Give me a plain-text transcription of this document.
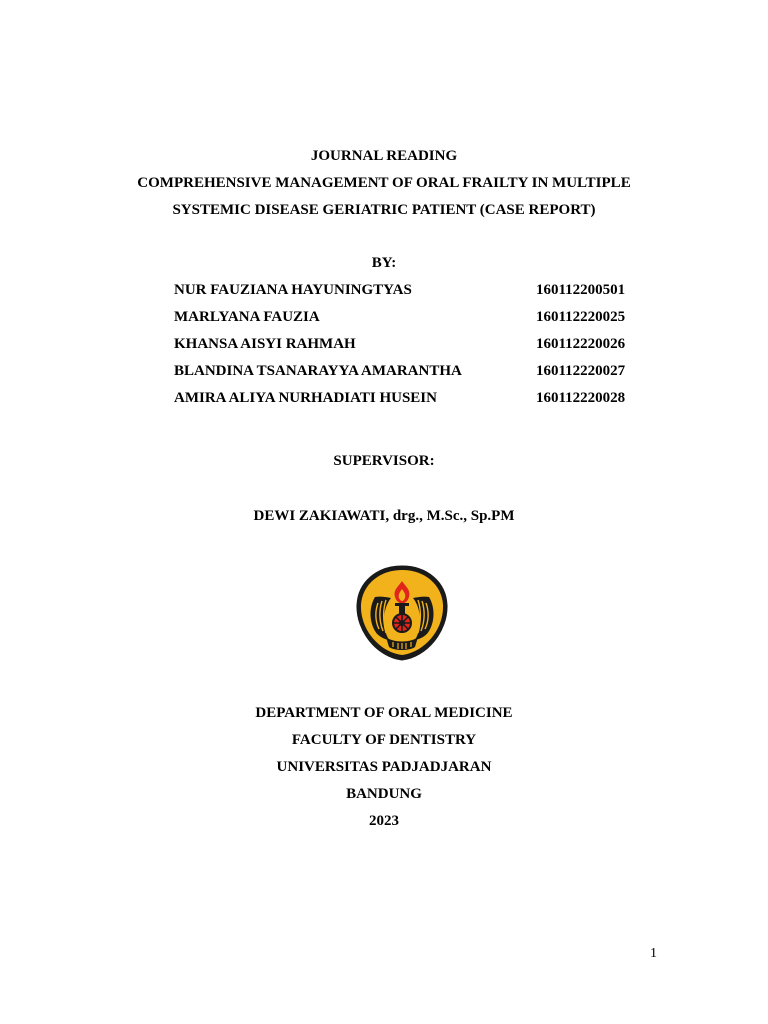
JOURNAL READING
COMPREHENSIVE MANAGEMENT OF ORAL FRAILTY IN MULTIPLE
SYSTEMIC DISEASE GERIATRIC PATIENT (CASE REPORT)
BY:
NUR FAUZIANA HAYUNINGTYAS	160112200501
MARLYANA FAUZIA	160112220025
KHANSA AISYI RAHMAH	160112220026
BLANDINA TSANARAYYA AMARANTHA	160112220027
AMIRA ALIYA NURHADIATI HUSEIN	160112220028
SUPERVISOR:
DEWI ZAKIAWATI, drg., M.Sc., Sp.PM
DEPARTMENT OF ORAL MEDICINE
FACULTY OF DENTISTRY
UNIVERSITAS PADJADJARAN
BANDUNG
2023
1
